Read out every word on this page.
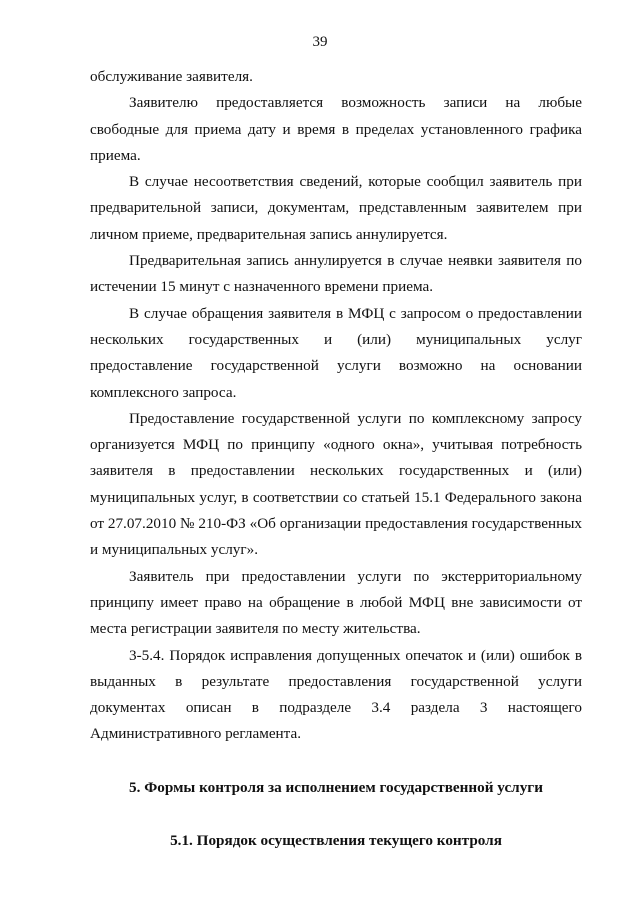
39

обслуживание заявителя.

Заявителю предоставляется возможность записи на любые свободные для приема дату и время в пределах установленного графика приема.

В случае несоответствия сведений, которые сообщил заявитель при предварительной записи, документам, представленным заявителем при личном приеме, предварительная запись аннулируется.

Предварительная запись аннулируется в случае неявки заявителя по истечении 15 минут с назначенного времени приема.

В случае обращения заявителя в МФЦ с запросом о предоставлении нескольких государственных и (или) муниципальных услуг предоставление государственной услуги возможно на основании комплексного запроса.

Предоставление государственной услуги по комплексному запросу организуется МФЦ по принципу «одного окна», учитывая потребность заявителя в предоставлении нескольких государственных и (или) муниципальных услуг, в соответствии со статьей 15.1 Федерального закона от 27.07.2010 № 210-ФЗ «Об организации предоставления государственных и муниципальных услуг».

Заявитель при предоставлении услуги по экстерриториальному принципу имеет право на обращение в любой МФЦ вне зависимости от места регистрации заявителя по месту жительства.

3-5.4. Порядок исправления допущенных опечаток и (или) ошибок в выданных в результате предоставления государственной услуги документах описан в подразделе 3.4 раздела 3 настоящего Административного регламента.

5. Формы контроля за исполнением государственной услуги
5.1. Порядок осуществления текущего контроля
